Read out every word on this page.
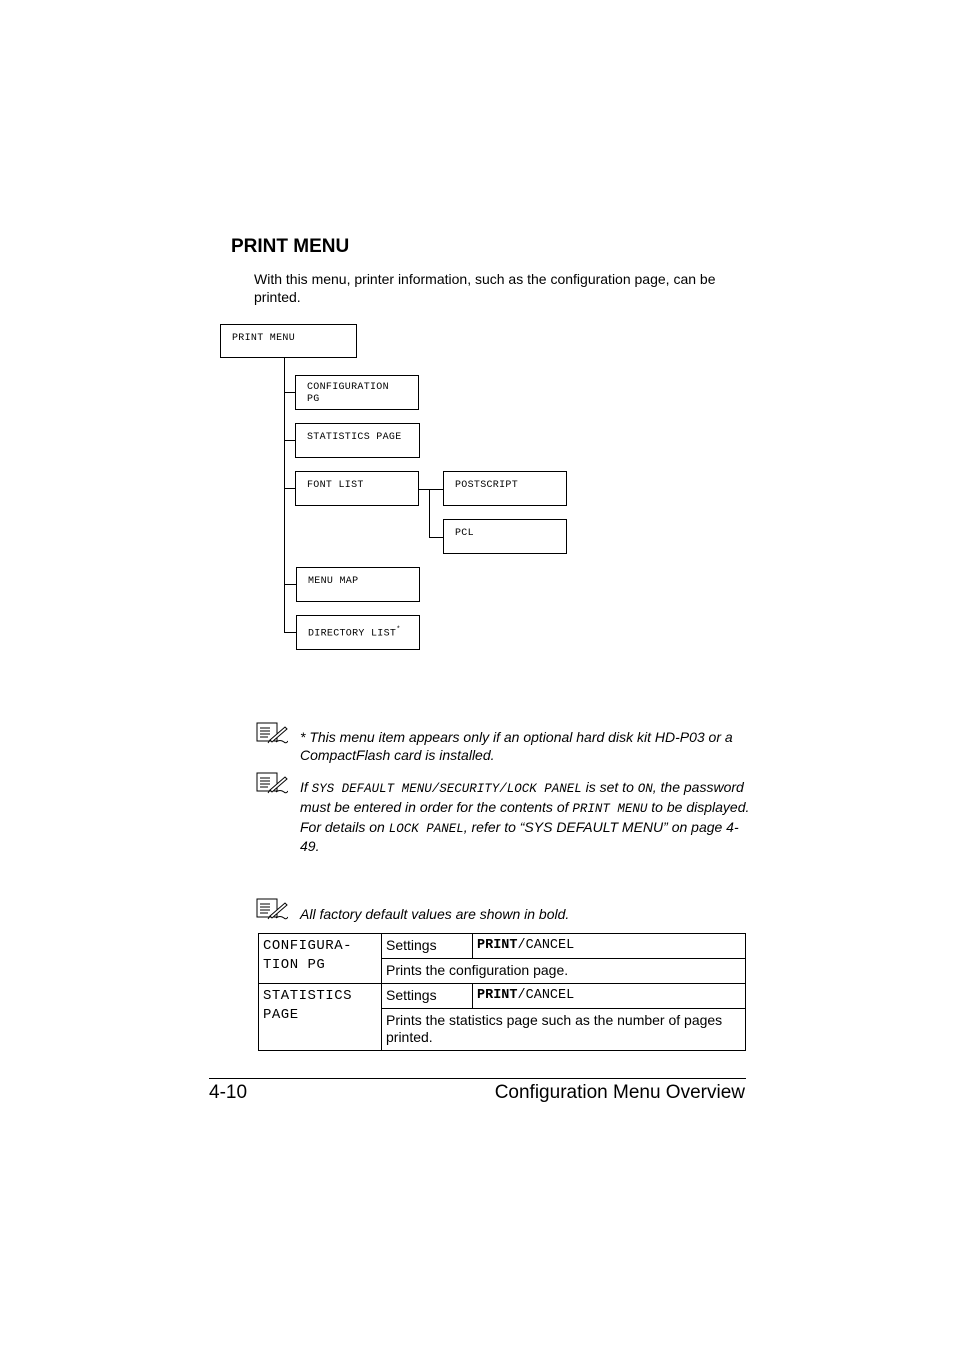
PRINT MENU
With this menu, printer information, such as the configuration page, can be printed.
PRINT MENU
CONFIGURATION
PG
STATISTICS PAGE
FONT LIST	POSTSCRIPT
PCL
MENU MAP
DIRECTORY LIST*
* This menu item appears only if an optional hard disk kit HD-P03 or a CompactFlash card is installed.
If SYS DEFAULT MENU/SECURITY/LOCK PANEL is set to ON, the password must be entered in order for the contents of PRINT MENU to be displayed.
For details on LOCK PANEL, refer to “SYS DEFAULT MENU” on page 4-49.
All factory default values are shown in bold.
CONFIGURA-
TION PG	Settings	PRINT/CANCEL
	Prints the configuration page.	
STATISTICS
PAGE	Settings	PRINT/CANCEL
	Prints the statistics page such as the number of pages printed.	
4-10	Configuration Menu Overview
